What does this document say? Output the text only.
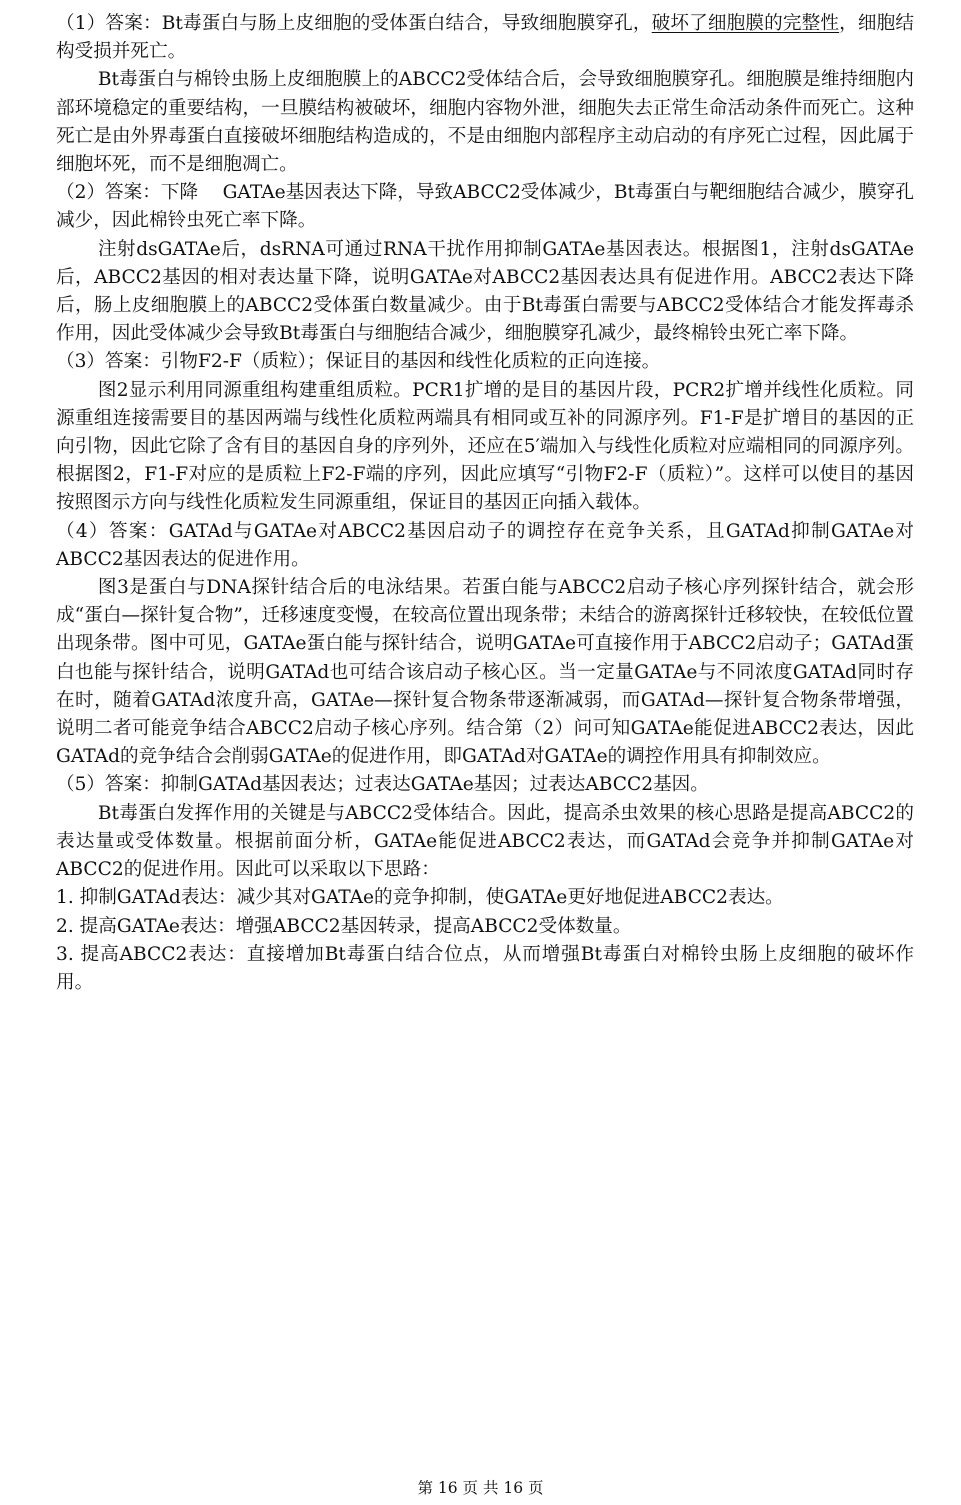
（1）答案：Bt毒蛋白与肠上皮细胞的受体蛋白结合，导致细胞膜穿孔，破坏了细胞膜的完整性，细胞结构受损并死亡。

Bt毒蛋白与棉铃虫肠上皮细胞膜上的ABCC2受体结合后，会导致细胞膜穿孔。细胞膜是维持细胞内部环境稳定的重要结构，一旦膜结构被破坏，细胞内容物外泄，细胞失去正常生命活动条件而死亡。这种死亡是由外界毒蛋白直接破坏细胞结构造成的，不是由细胞内部程序主动启动的有序死亡过程，因此属于细胞坏死，而不是细胞凋亡。

（2）答案：下降　 GATAe基因表达下降，导致ABCC2受体减少，Bt毒蛋白与靶细胞结合减少，膜穿孔减少，因此棉铃虫死亡率下降。

注射dsGATAe后，dsRNA可通过RNA干扰作用抑制GATAe基因表达。根据图1，注射dsGATAe后，ABCC2基因的相对表达量下降，说明GATAe对ABCC2基因表达具有促进作用。ABCC2表达下降后，肠上皮细胞膜上的ABCC2受体蛋白数量减少。由于Bt毒蛋白需要与ABCC2受体结合才能发挥毒杀作用，因此受体减少会导致Bt毒蛋白与细胞结合减少，细胞膜穿孔减少，最终棉铃虫死亡率下降。

（3）答案：引物F2-F（质粒）；保证目的基因和线性化质粒的正向连接。

图2显示利用同源重组构建重组质粒。PCR1扩增的是目的基因片段，PCR2扩增并线性化质粒。同源重组连接需要目的基因两端与线性化质粒两端具有相同或互补的同源序列。F1-F是扩增目的基因的正向引物，因此它除了含有目的基因自身的序列外，还应在5′端加入与线性化质粒对应端相同的同源序列。根据图2，F1-F对应的是质粒上F2-F端的序列，因此应填写“引物F2-F（质粒）”。这样可以使目的基因按照图示方向与线性化质粒发生同源重组，保证目的基因正向插入载体。

（4）答案：GATAd与GATAe对ABCC2基因启动子的调控存在竞争关系，且GATAd抑制GATAe对ABCC2基因表达的促进作用。

图3是蛋白与DNA探针结合后的电泳结果。若蛋白能与ABCC2启动子核心序列探针结合，就会形成“蛋白—探针复合物”，迁移速度变慢，在较高位置出现条带；未结合的游离探针迁移较快，在较低位置出现条带。图中可见，GATAe蛋白能与探针结合，说明GATAe可直接作用于ABCC2启动子；GATAd蛋白也能与探针结合，说明GATAd也可结合该启动子核心区。当一定量GATAe与不同浓度GATAd同时存在时，随着GATAd浓度升高，GATAe—探针复合物条带逐渐减弱，而GATAd—探针复合物条带增强，说明二者可能竞争结合ABCC2启动子核心序列。结合第（2）问可知GATAe能促进ABCC2表达，因此GATAd的竞争结合会削弱GATAe的促进作用，即GATAd对GATAe的调控作用具有抑制效应。

（5）答案：抑制GATAd基因表达；过表达GATAe基因；过表达ABCC2基因。

Bt毒蛋白发挥作用的关键是与ABCC2受体结合。因此，提高杀虫效果的核心思路是提高ABCC2的表达量或受体数量。根据前面分析，GATAe能促进ABCC2表达，而GATAd会竞争并抑制GATAe对ABCC2的促进作用。因此可以采取以下思路：

1. 抑制GATAd表达：减少其对GATAe的竞争抑制，使GATAe更好地促进ABCC2表达。

2. 提高GATAe表达：增强ABCC2基因转录，提高ABCC2受体数量。

3. 提高ABCC2表达：直接增加Bt毒蛋白结合位点，从而增强Bt毒蛋白对棉铃虫肠上皮细胞的破坏作用。

第 16 页 共 16 页
